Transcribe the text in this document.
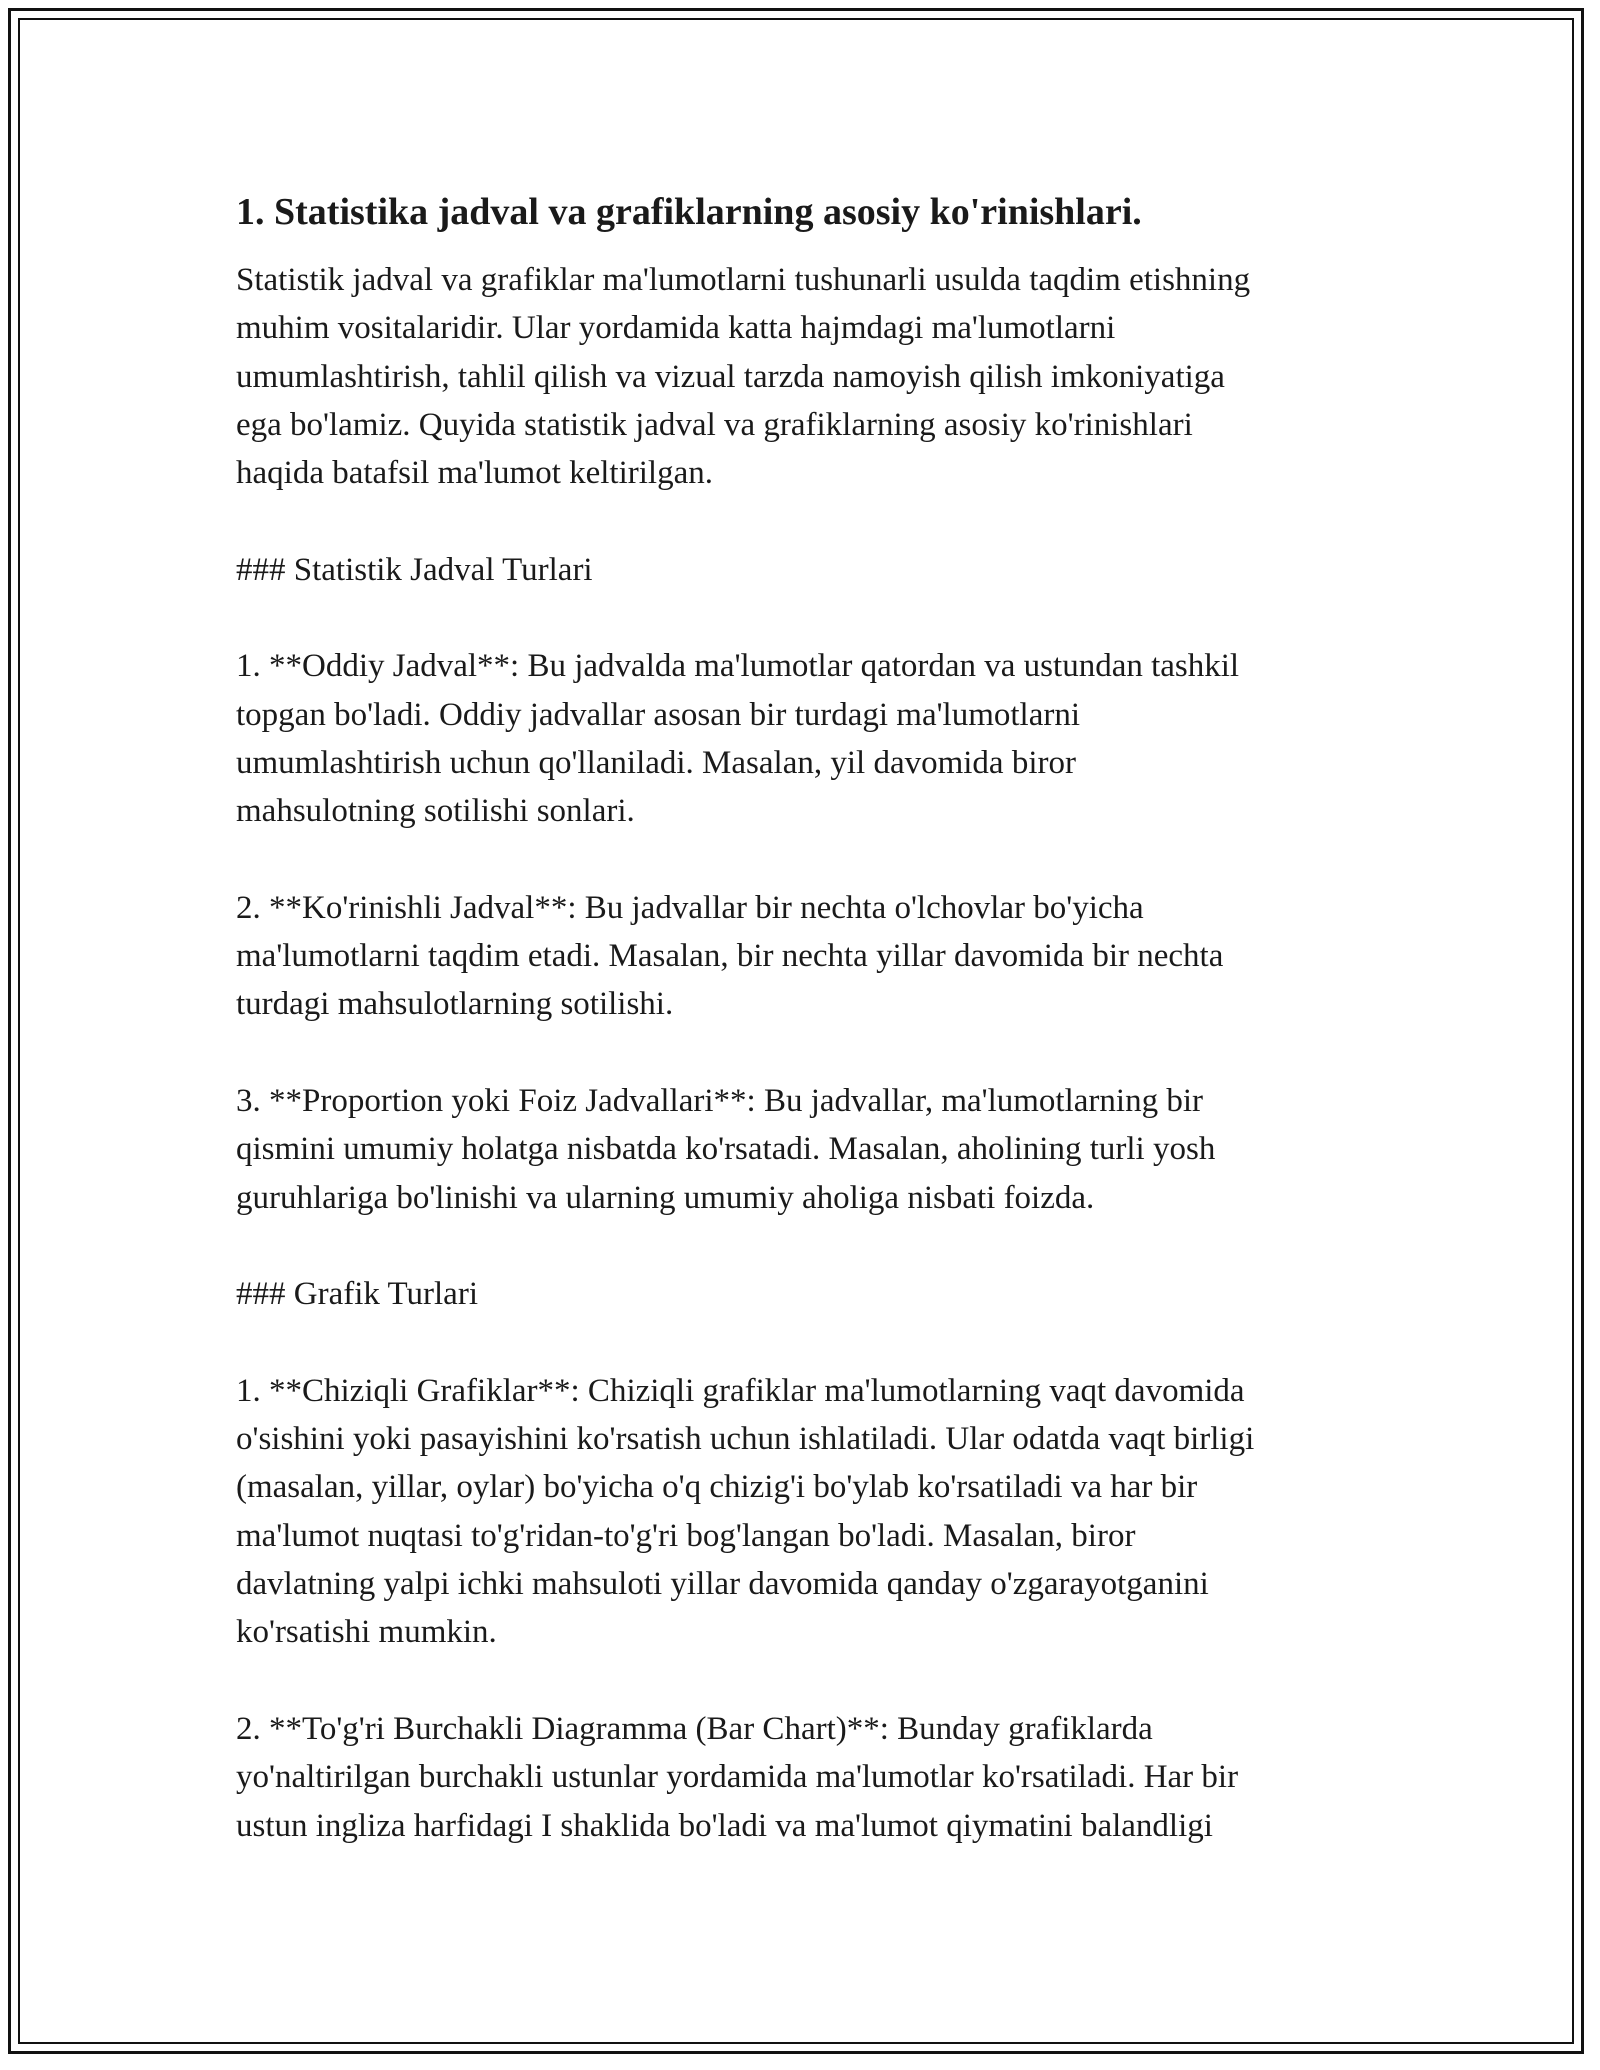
1. Statistika jadval va grafiklarning asosiy ko'rinishlari.
Statistik jadval va grafiklar ma'lumotlarni tushunarli usulda taqdim etishning
muhim vositalaridir. Ular yordamida katta hajmdagi ma'lumotlarni
umumlashtirish, tahlil qilish va vizual tarzda namoyish qilish imkoniyatiga
ega bo'lamiz. Quyida statistik jadval va grafiklarning asosiy ko'rinishlari
haqida batafsil ma'lumot keltirilgan.
### Statistik Jadval Turlari
1. **Oddiy Jadval**: Bu jadvalda ma'lumotlar qatordan va ustundan tashkil
topgan bo'ladi. Oddiy jadvallar asosan bir turdagi ma'lumotlarni
umumlashtirish uchun qo'llaniladi. Masalan, yil davomida biror
mahsulotning sotilishi sonlari.
2. **Ko'rinishli Jadval**: Bu jadvallar bir nechta o'lchovlar bo'yicha
ma'lumotlarni taqdim etadi. Masalan, bir nechta yillar davomida bir nechta
turdagi mahsulotlarning sotilishi.
3. **Proportion yoki Foiz Jadvallari**: Bu jadvallar, ma'lumotlarning bir
qismini umumiy holatga nisbatda ko'rsatadi. Masalan, aholining turli yosh
guruhlariga bo'linishi va ularning umumiy aholiga nisbati foizda.
### Grafik Turlari
1. **Chiziqli Grafiklar**: Chiziqli grafiklar ma'lumotlarning vaqt davomida
o'sishini yoki pasayishini ko'rsatish uchun ishlatiladi. Ular odatda vaqt birligi
(masalan, yillar, oylar) bo'yicha o'q chizig'i bo'ylab ko'rsatiladi va har bir
ma'lumot nuqtasi to'g'ridan-to'g'ri bog'langan bo'ladi. Masalan, biror
davlatning yalpi ichki mahsuloti yillar davomida qanday o'zgarayotganini
ko'rsatishi mumkin.
2. **To'g'ri Burchakli Diagramma (Bar Chart)**: Bunday grafiklarda
yo'naltirilgan burchakli ustunlar yordamida ma'lumotlar ko'rsatiladi. Har bir
ustun ingliza harfidagi I shaklida bo'ladi va ma'lumot qiymatini balandligi
